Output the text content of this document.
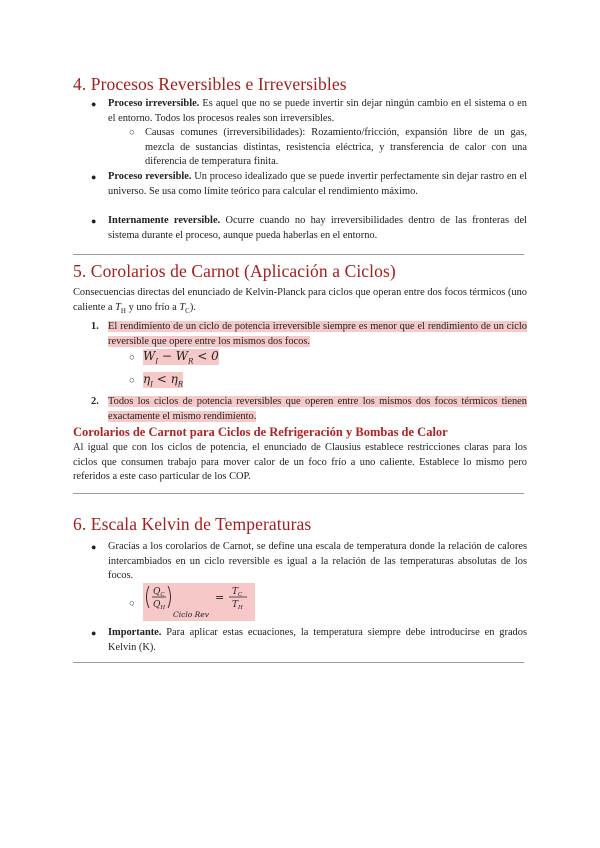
4. Procesos Reversibles e Irreversibles
● Proceso irreversible. Es aquel que no se puede invertir sin dejar ningún cambio en el sistema o en el entorno. Todos los procesos reales son irreversibles.
○ Causas comunes (irreversibilidades): Rozamiento/fricción, expansión libre de un gas, mezcla de sustancias distintas, resistencia eléctrica, y transferencia de calor con una diferencia de temperatura finita.
● Proceso reversible. Un proceso idealizado que se puede invertir perfectamente sin dejar rastro en el universo. Se usa como límite teórico para calcular el rendimiento máximo.
● Internamente reversible. Ocurre cuando no hay irreversibilidades dentro de las fronteras del sistema durante el proceso, aunque pueda haberlas en el entorno.
5. Corolarios de Carnot (Aplicación a Ciclos)
Consecuencias directas del enunciado de Kelvin-Planck para ciclos que operan entre dos focos térmicos (uno caliente a $T_H$ y uno frío a $T_C$).
1. El rendimiento de un ciclo de potencia irreversible siempre es menor que el rendimiento de un ciclo reversible que opere entre los mismos dos focos.
○ $W_I - W_R < 0$
○ $\eta_I < \eta_R$
2. Todos los ciclos de potencia reversibles que operen entre los mismos dos focos térmicos tienen exactamente el mismo rendimiento.
Corolarios de Carnot para Ciclos de Refrigeración y Bombas de Calor
Al igual que con los ciclos de potencia, el enunciado de Clausius establece restricciones claras para los ciclos que consumen trabajo para mover calor de un foco frío a uno caliente. Establece lo mismo pero referidos a este caso particular de los COP.
6. Escala Kelvin de Temperaturas
● Gracias a los corolarios de Carnot, se define una escala de temperatura donde la relación de calores intercambiados en un ciclo reversible es igual a la relación de las temperaturas absolutas de los focos.
○
$Q_C$
$Q_H$
Ciclo Rev
= $T_C$
$T_H$
● Importante. Para aplicar estas ecuaciones, la temperatura siempre debe introducirse en grados Kelvin (K).
